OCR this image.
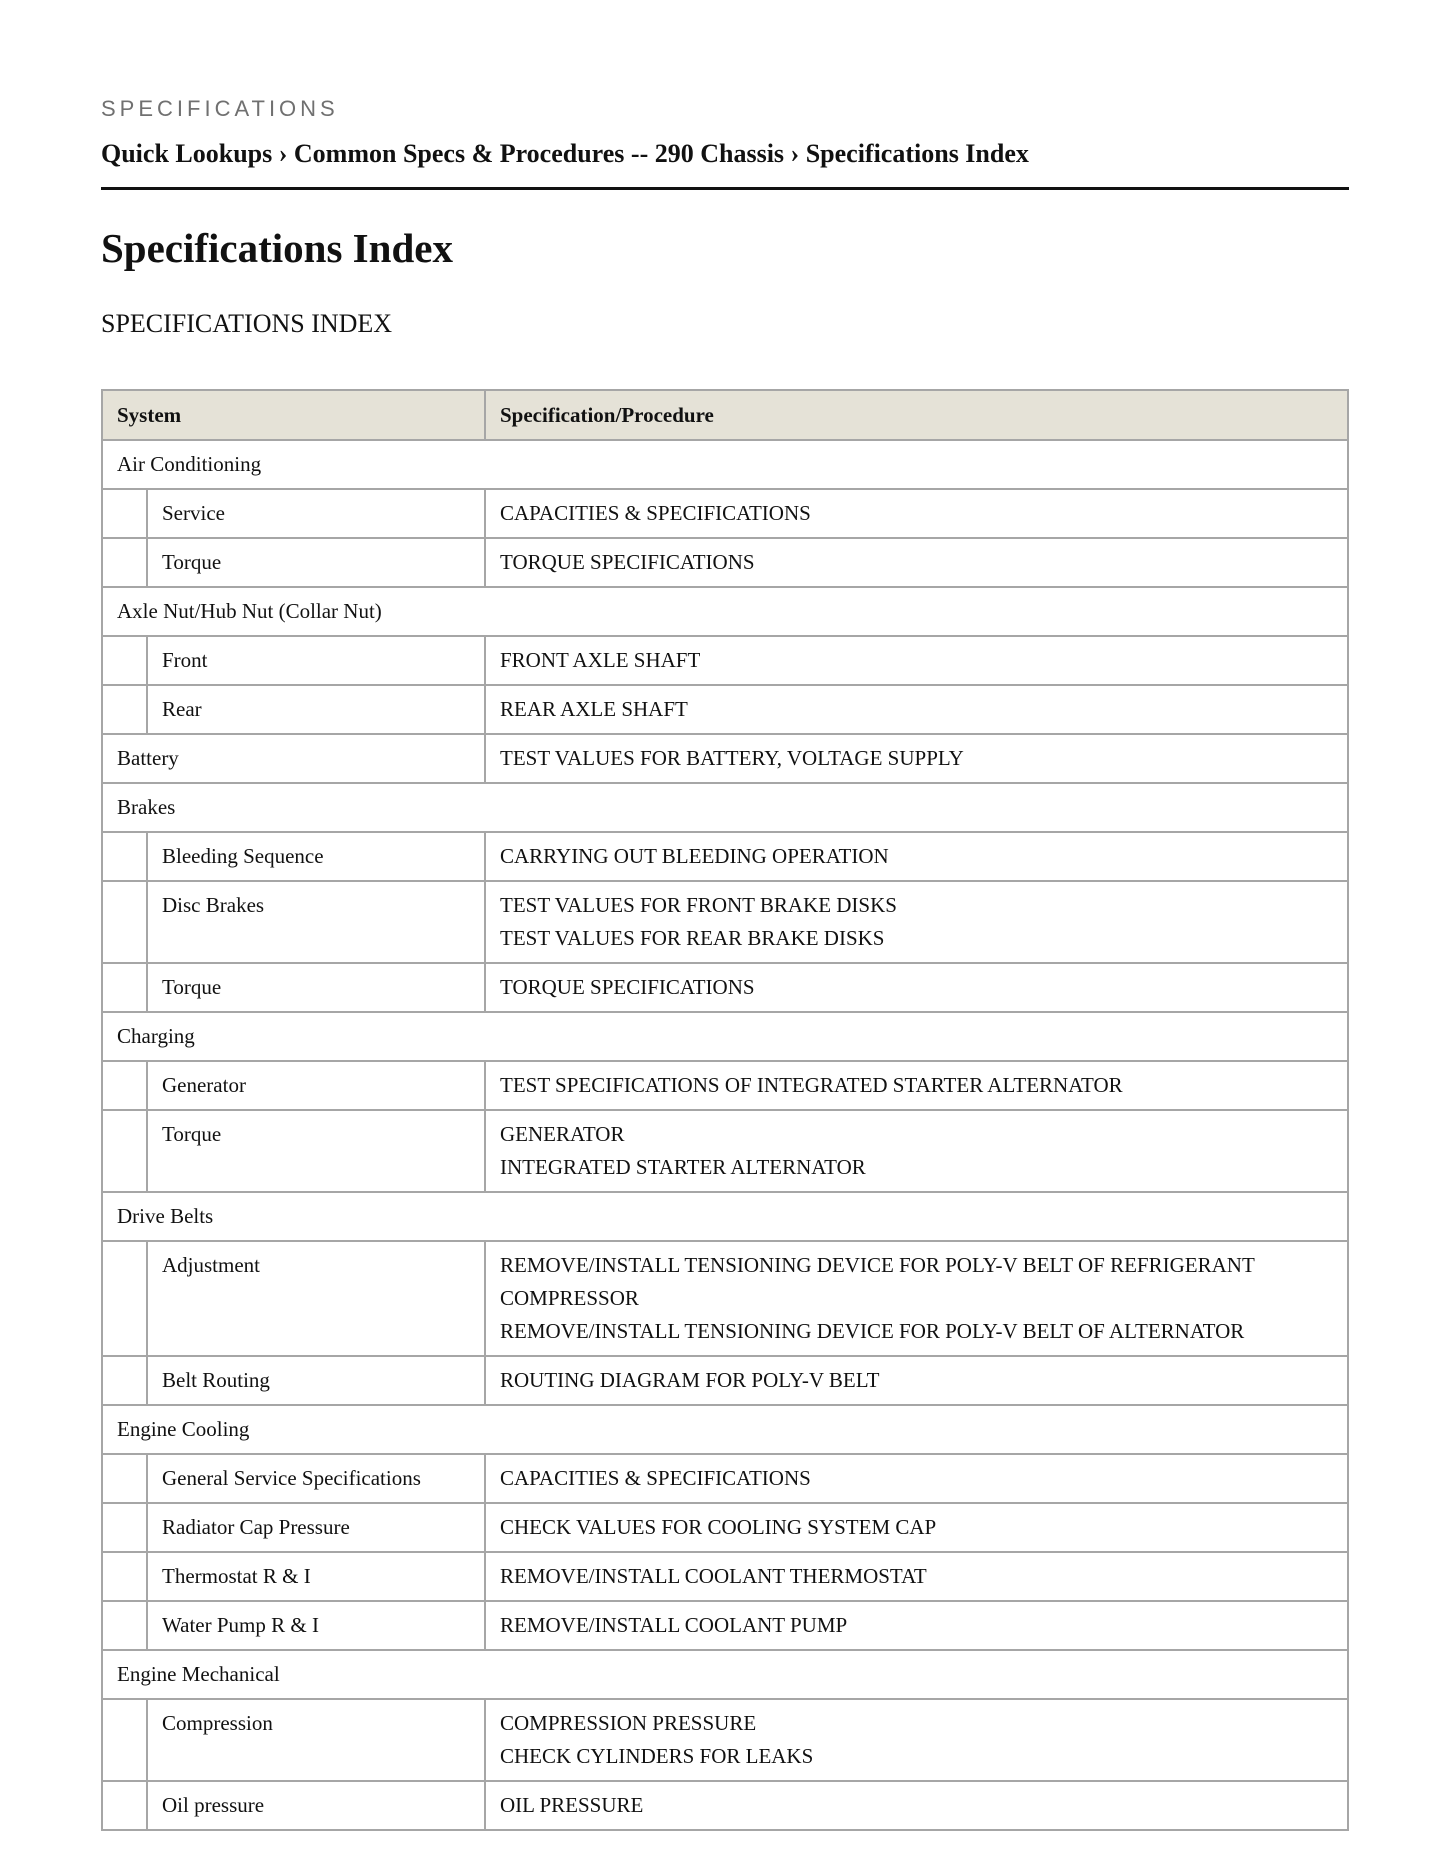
SPECIFICATIONS
Quick Lookups › Common Specs & Procedures -- 290 Chassis › Specifications Index
Specifications Index
SPECIFICATIONS INDEX
System		Specification/Procedure
Air Conditioning		
	Service	CAPACITIES & SPECIFICATIONS

	Torque	TORQUE SPECIFICATIONS

Axle Nut/Hub Nut (Collar Nut)		
	Front	FRONT AXLE SHAFT

	Rear	REAR AXLE SHAFT

Battery		TEST VALUES FOR BATTERY, VOLTAGE SUPPLY

Brakes		
	Bleeding Sequence	CARRYING OUT BLEEDING OPERATION

	Disc Brakes	TEST VALUES FOR FRONT BRAKE DISKS
TEST VALUES FOR REAR BRAKE DISKS

	Torque	TORQUE SPECIFICATIONS

Charging		
	Generator	TEST SPECIFICATIONS OF INTEGRATED STARTER ALTERNATOR

	Torque	GENERATOR
INTEGRATED STARTER ALTERNATOR

Drive Belts		
	Adjustment	REMOVE/INSTALL TENSIONING DEVICE FOR POLY-V BELT OF REFRIGERANT COMPRESSOR
REMOVE/INSTALL TENSIONING DEVICE FOR POLY-V BELT OF ALTERNATOR

	Belt Routing	ROUTING DIAGRAM FOR POLY-V BELT

Engine Cooling		
	General Service Specifications	CAPACITIES & SPECIFICATIONS

	Radiator Cap Pressure	CHECK VALUES FOR COOLING SYSTEM CAP

	Thermostat R & I	REMOVE/INSTALL COOLANT THERMOSTAT

	Water Pump R & I	REMOVE/INSTALL COOLANT PUMP

Engine Mechanical		
	Compression	COMPRESSION PRESSURE
CHECK CYLINDERS FOR LEAKS

	Oil pressure	OIL PRESSURE
